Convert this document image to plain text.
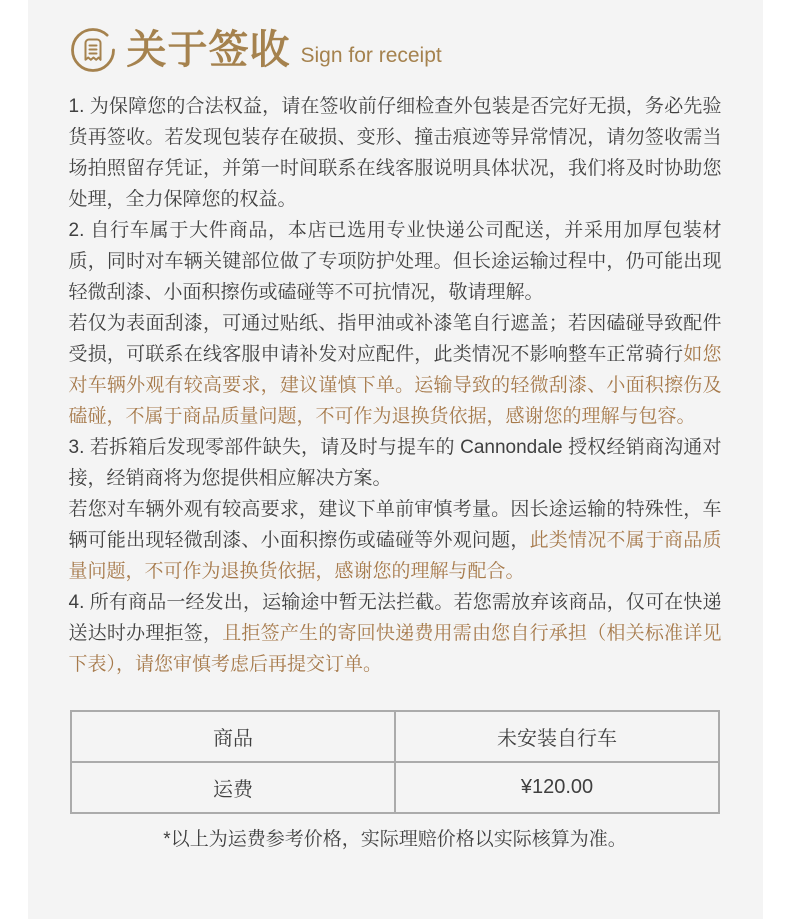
关于签收 Sign for receipt

1. 为保障您的合法权益，请在签收前仔细检查外包装是否完好无损，务必先验货再签收。若发现包装存在破损、变形、撞击痕迹等异常情况，请勿签收需当场拍照留存凭证，并第一时间联系在线客服说明具体状况，我们将及时协助您处理，全力保障您的权益。

2. 自行车属于大件商品，本店已选用专业快递公司配送，并采用加厚包装材质，同时对车辆关键部位做了专项防护处理。但长途运输过程中，仍可能出现轻微刮漆、小面积擦伤或磕碰等不可抗情况，敬请理解。

若仅为表面刮漆，可通过贴纸、指甲油或补漆笔自行遮盖；若因磕碰导致配件受损，可联系在线客服申请补发对应配件，此类情况不影响整车正常骑行如您对车辆外观有较高要求，建议谨慎下单。运输导致的轻微刮漆、小面积擦伤及磕碰，不属于商品质量问题，不可作为退换货依据，感谢您的理解与包容。

3. 若拆箱后发现零部件缺失，请及时与提车的 Cannondale 授权经销商沟通对接，经销商将为您提供相应解决方案。

若您对车辆外观有较高要求，建议下单前审慎考量。因长途运输的特殊性，车辆可能出现轻微刮漆、小面积擦伤或磕碰等外观问题，此类情况不属于商品质量问题，不可作为退换货依据，感谢您的理解与配合。

4. 所有商品一经发出，运输途中暂无法拦截。若您需放弃该商品，仅可在快递送达时办理拒签，且拒签产生的寄回快递费用需由您自行承担（相关标准详见下表），请您审慎考虑后再提交订单。

商品	未安装自行车
运费	¥120.00
*以上为运费参考价格，实际理赔价格以实际核算为准。
